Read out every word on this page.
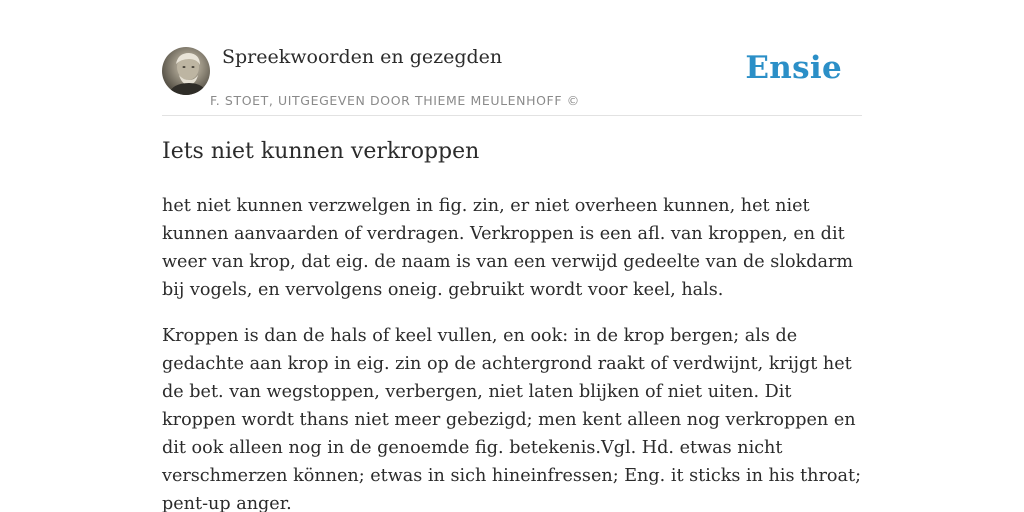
Spreekwoorden en gezegden
F. STOET, UITGEGEVEN DOOR THIEME MEULENHOFF ©
Ensie
Iets niet kunnen verkroppen

het niet kunnen verzwelgen in fig. zin, er niet overheen kunnen, het niet kunnen aanvaarden of verdragen. Verkroppen is een afl. van kroppen, en dit weer van krop, dat eig. de naam is van een verwijd gedeelte van de slokdarm bij vogels, en vervolgens oneig. gebruikt wordt voor keel, hals.

Kroppen is dan de hals of keel vullen, en ook: in de krop bergen; als de gedachte aan krop in eig. zin op de achtergrond raakt of verdwijnt, krijgt het de bet. van wegstoppen, verbergen, niet laten blijken of niet uiten. Dit kroppen wordt thans niet meer gebezigd; men kent alleen nog verkroppen en dit ook alleen nog in de genoemde fig. betekenis.Vgl. Hd. etwas nicht verschmerzen können; etwas in sich hineinfressen; Eng. it sticks in his throat; pent-up anger.
